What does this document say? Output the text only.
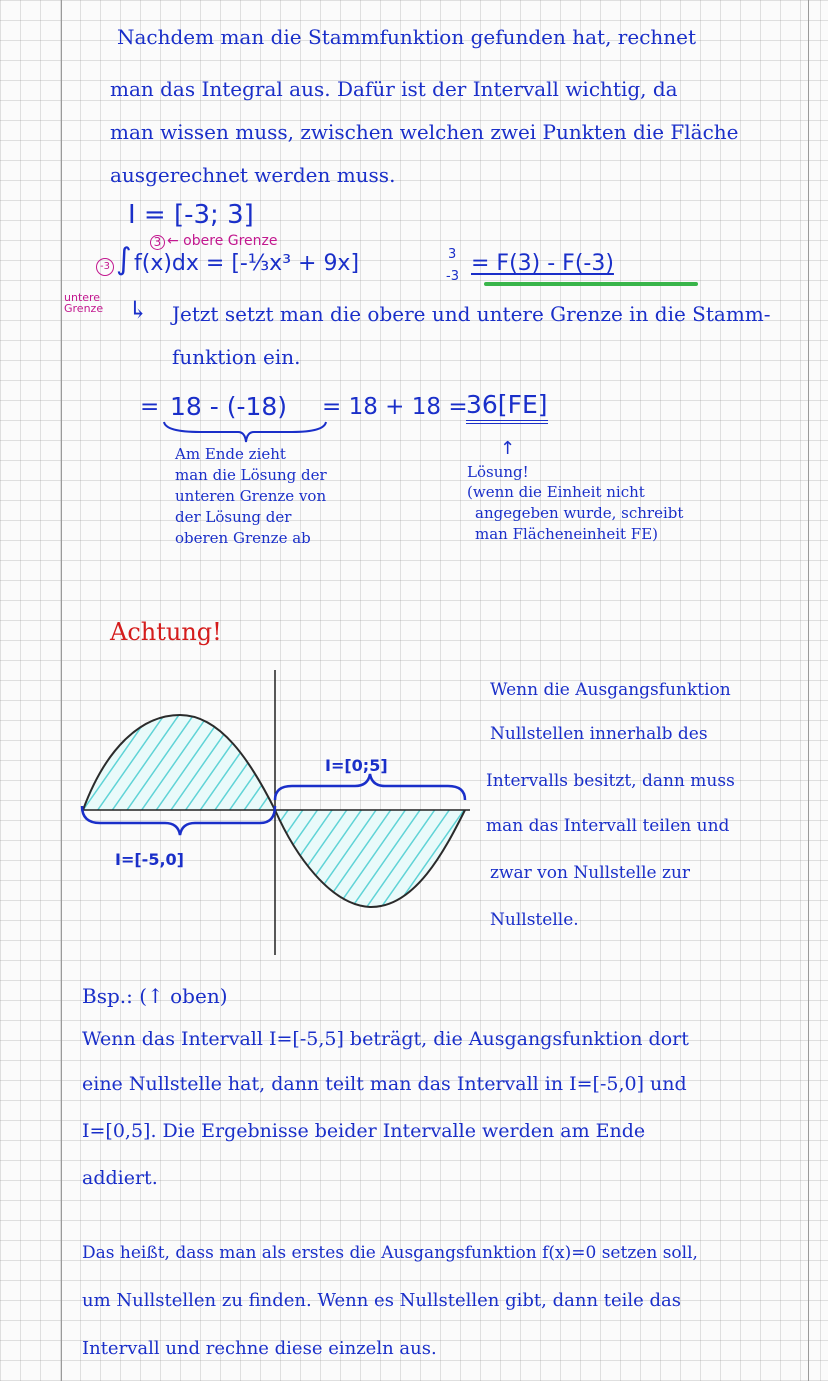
Nachdem man die Stammfunktion gefunden hat, rechnet
man das Integral aus. Dafür ist der Intervall wichtig, da
man wissen muss, zwischen welchen zwei Punkten die Fläche
ausgerechnet werden muss.
I = [-3; 3]
3 ← obere Grenze
-3
untere Grenze
∫ f(x)dx = [-⅓x³ + 9x]	3
-3
= F(3) - F(-3)
↳ Jetzt setzt man die obere und untere Grenze in die Stamm-
funktion ein.
= 18 - (-18) = 18 + 18 =
36[FE]
Am Ende zieht
man die Lösung der
unteren Grenze von
der Lösung der
oberen Grenze ab
↑
Lösung!
(wenn die Einheit nicht
angegeben wurde, schreibt
man Flächeneinheit FE)
Achtung!
I=[-5,0]
I=[0;5]
Wenn die Ausgangsfunktion
Nullstellen innerhalb des
Intervalls besitzt, dann muss
man das Intervall teilen und
zwar von Nullstelle zur
Nullstelle.
Bsp.: (↑ oben)
Wenn das Intervall I=[-5,5] beträgt, die Ausgangsfunktion dort
eine Nullstelle hat, dann teilt man das Intervall in I=[-5,0] und
I=[0,5]. Die Ergebnisse beider Intervalle werden am Ende
addiert.
Das heißt, dass man als erstes die Ausgangsfunktion f(x)=0 setzen soll,
um Nullstellen zu finden. Wenn es Nullstellen gibt, dann teile das
Intervall und rechne diese einzeln aus.
